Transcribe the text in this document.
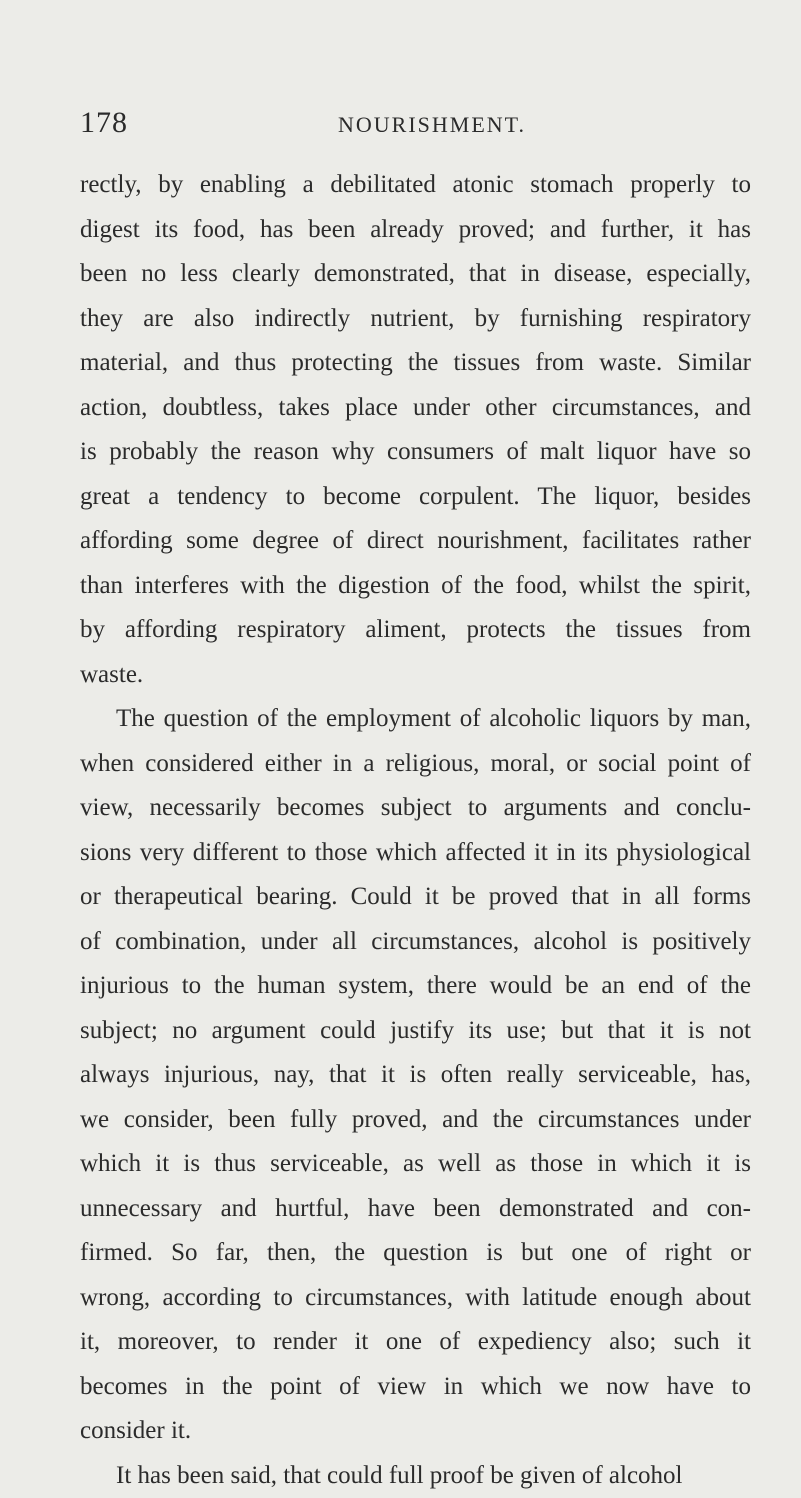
178	NOURISHMENT.
rectly, by enabling a debilitated atonic stomach properly to
digest its food, has been already proved; and further, it has
been no less clearly demonstrated, that in disease, especially,
they are also indirectly nutrient, by furnishing respiratory
material, and thus protecting the tissues from waste. Similar
action, doubtless, takes place under other circumstances, and
is probably the reason why consumers of malt liquor have so
great a tendency to become corpulent. The liquor, besides
affording some degree of direct nourishment, facilitates rather
than interferes with the digestion of the food, whilst the spirit,
by affording respiratory aliment, protects the tissues from
waste.
The question of the employment of alcoholic liquors by man,
when considered either in a religious, moral, or social point of
view, necessarily becomes subject to arguments and conclu-
sions very different to those which affected it in its physiological
or therapeutical bearing. Could it be proved that in all forms
of combination, under all circumstances, alcohol is positively
injurious to the human system, there would be an end of the
subject; no argument could justify its use; but that it is not
always injurious, nay, that it is often really serviceable, has,
we consider, been fully proved, and the circumstances under
which it is thus serviceable, as well as those in which it is
unnecessary and hurtful, have been demonstrated and con-
firmed. So far, then, the question is but one of right or
wrong, according to circumstances, with latitude enough about
it, moreover, to render it one of expediency also; such it
becomes in the point of view in which we now have to
consider it.
It has been said, that could full proof be given of alcohol
